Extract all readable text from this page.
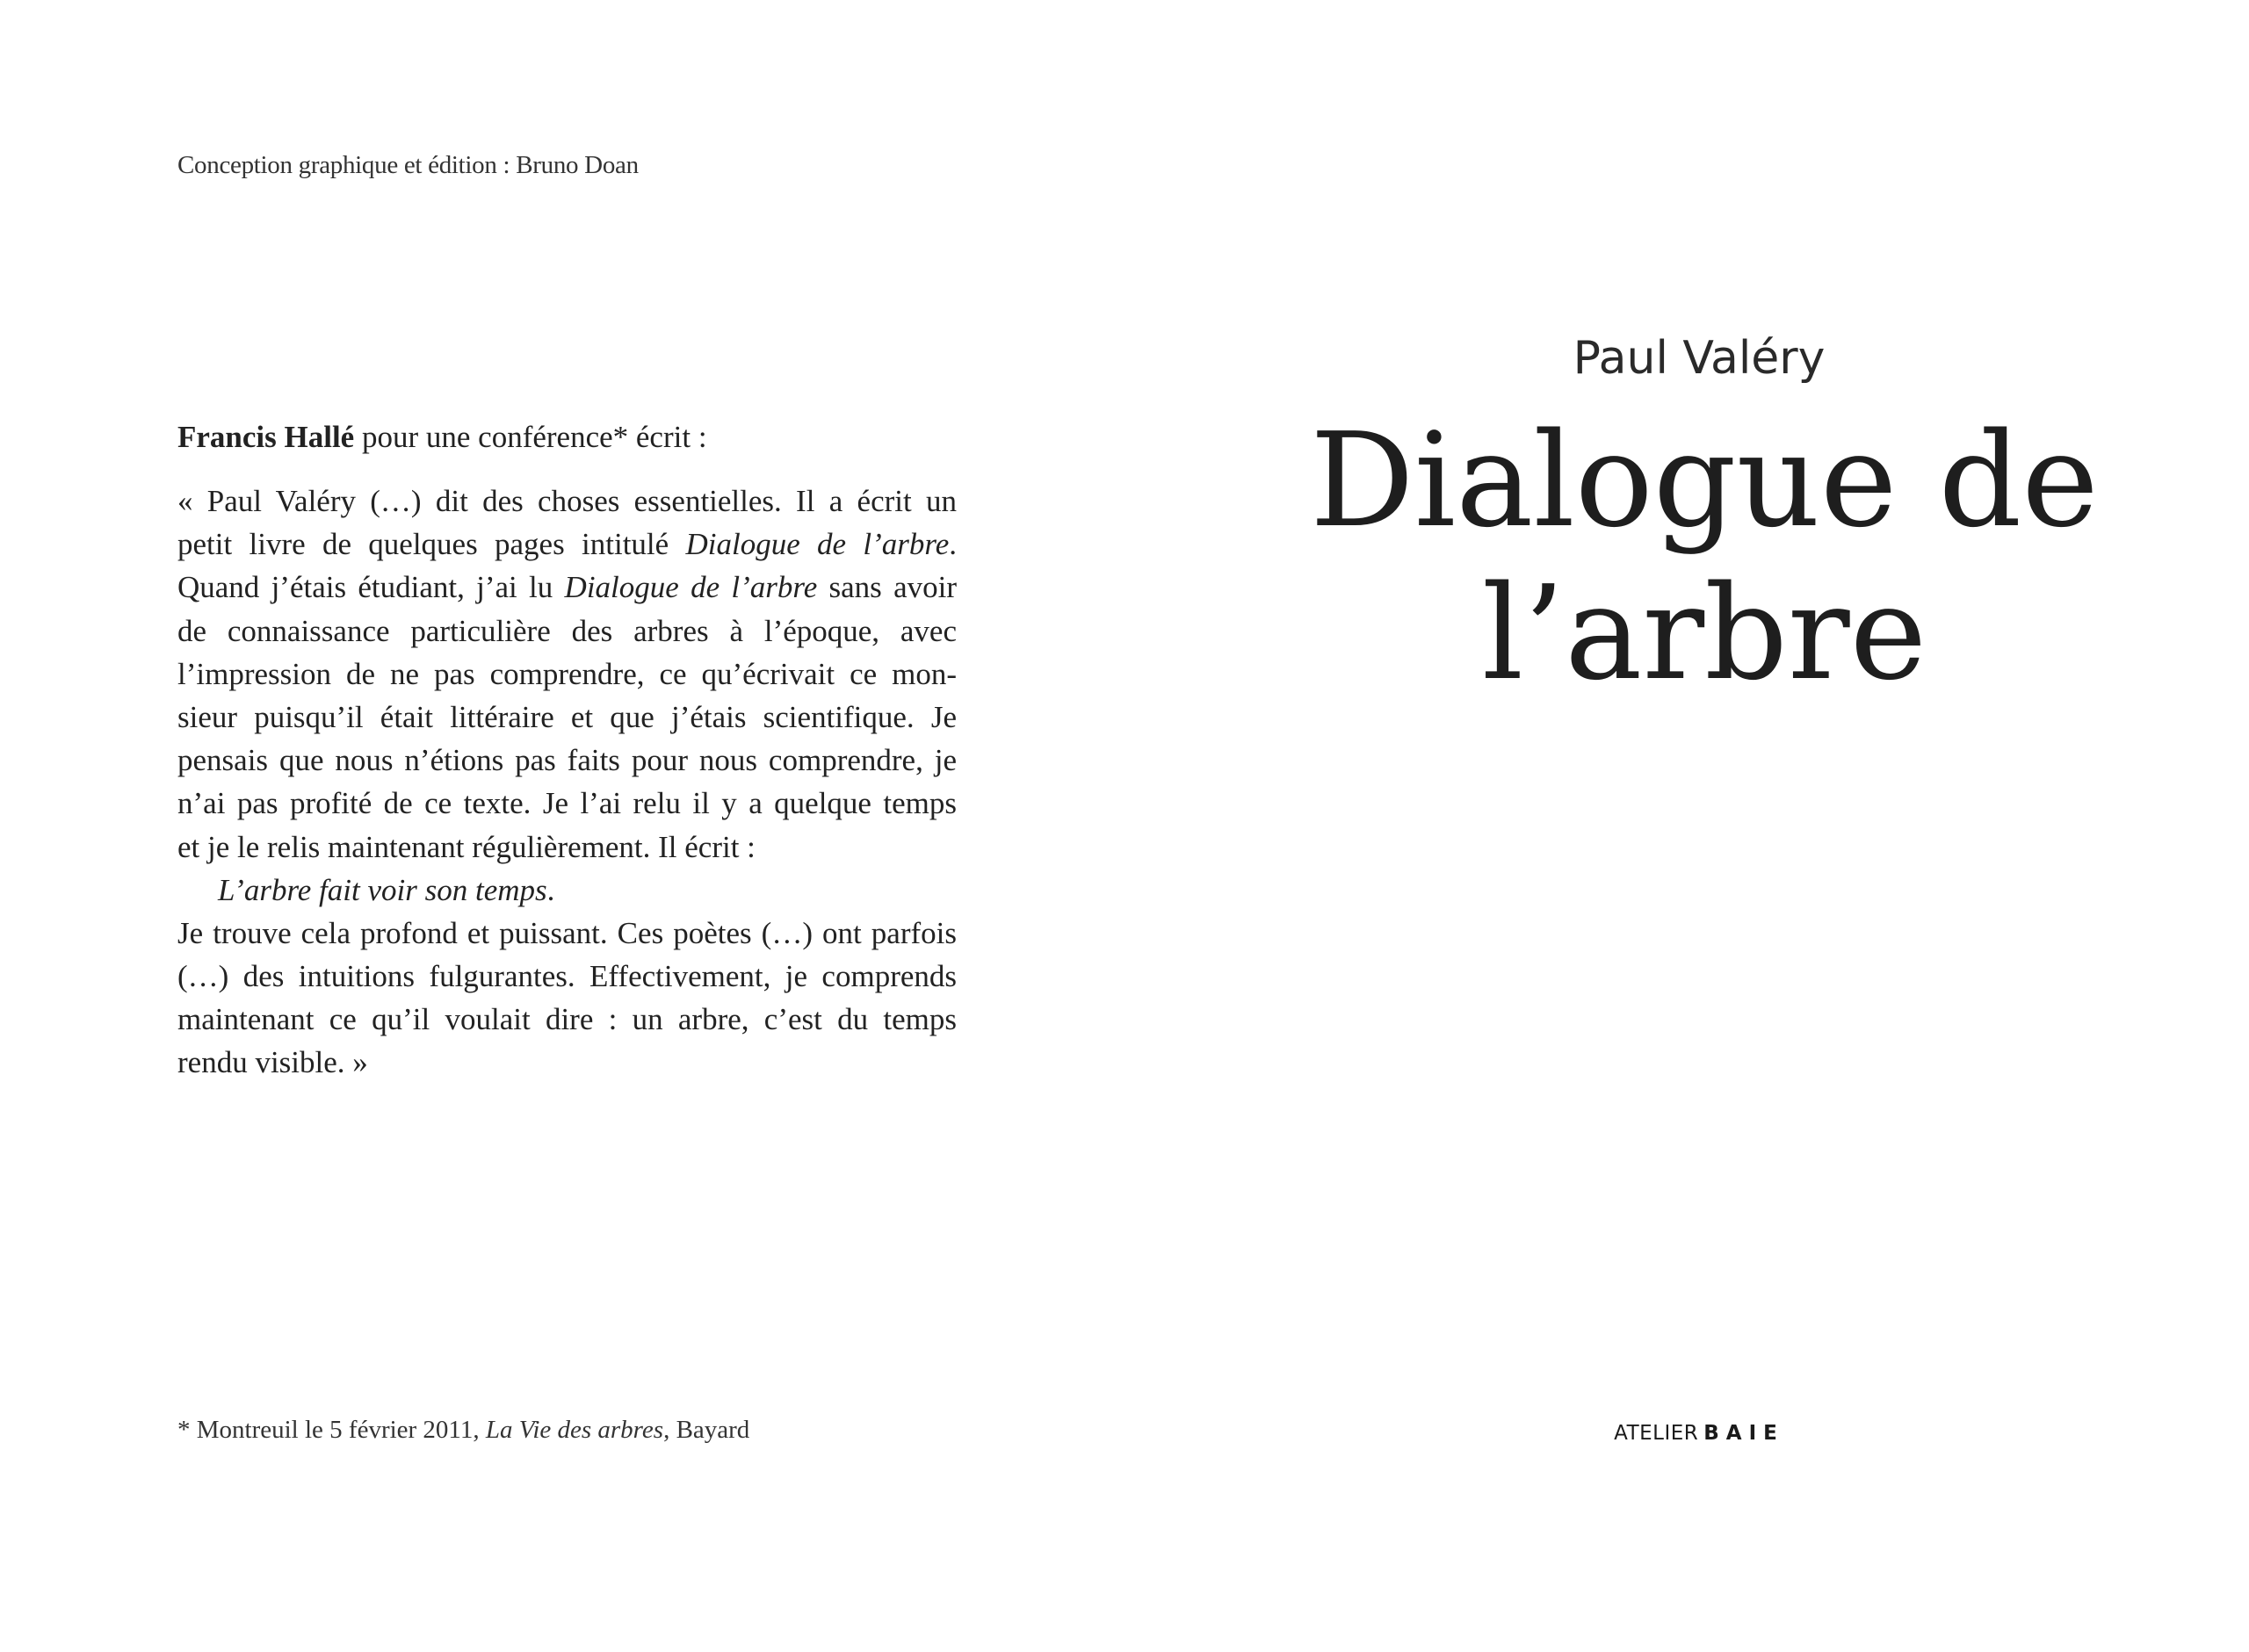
Conception graphique et édition : Bruno Doan
Francis Hallé pour une conférence* écrit :
« Paul Valéry (…) dit des choses essentielles. Il a écrit un
petit livre de quelques pages intitulé Dialogue de l’arbre.
Quand j’étais étudiant, j’ai lu Dialogue de l’arbre sans avoir
de connaissance particulière des arbres à l’époque, avec
l’impression de ne pas comprendre, ce qu’écrivait ce mon-
sieur puisqu’il était littéraire et que j’étais scientifique. Je
pensais que nous n’étions pas faits pour nous comprendre, je
n’ai pas profité de ce texte. Je l’ai relu il y a quelque temps
et je le relis maintenant régulièrement. Il écrit :
L’arbre fait voir son temps.
Je trouve cela profond et puissant. Ces poètes (…) ont parfois
(…) des intuitions fulgurantes. Effectivement, je comprends
maintenant ce qu’il voulait dire : un arbre, c’est du temps
rendu visible. »
* Montreuil le 5 février 2011, La Vie des arbres, Bayard
Paul Valéry
Dialogue de
l’arbre
ATELIER BAIE
